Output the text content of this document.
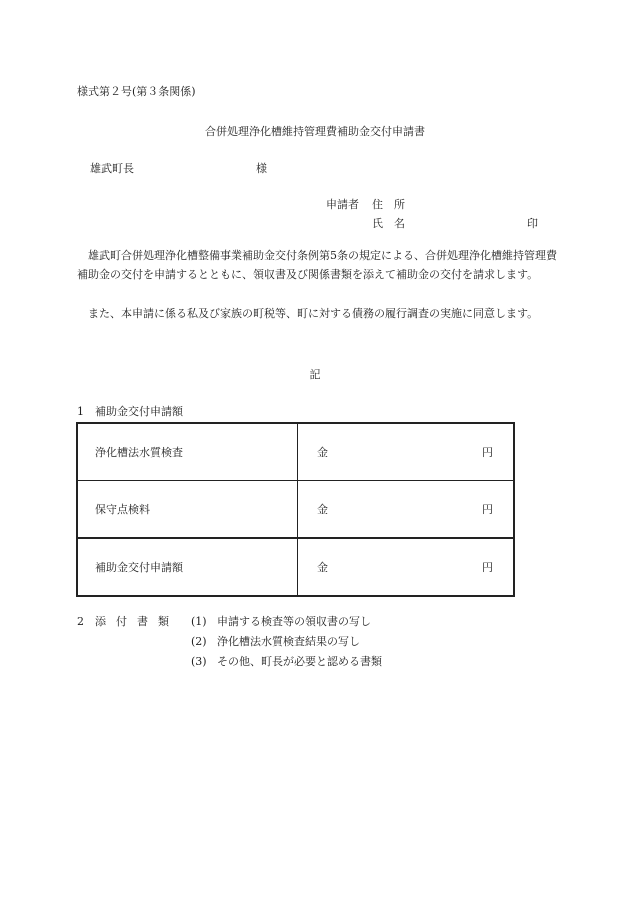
様式第２号(第３条関係)
合併処理浄化槽維持管理費補助金交付申請書
雄武町長	様
申請者 住　所
氏　名	印
雄武町合併処理浄化槽整備事業補助金交付条例第5条の規定による、合併処理浄化槽維持管理費補助金の交付を申請するとともに、領収書及び関係書類を添えて補助金の交付を請求します。
また、本申請に係る私及び家族の町税等、町に対する債務の履行調査の実施に同意します。
記
1　 補助金交付申請額
浄化槽法水質検査	金 円

保守点検料	金 円

補助金交付申請額	金 円
2 添付書類 (1) 申請する検査等の領収書の写し
(2) 浄化槽法水質検査結果の写し
(3) その他、町長が必要と認める書類
